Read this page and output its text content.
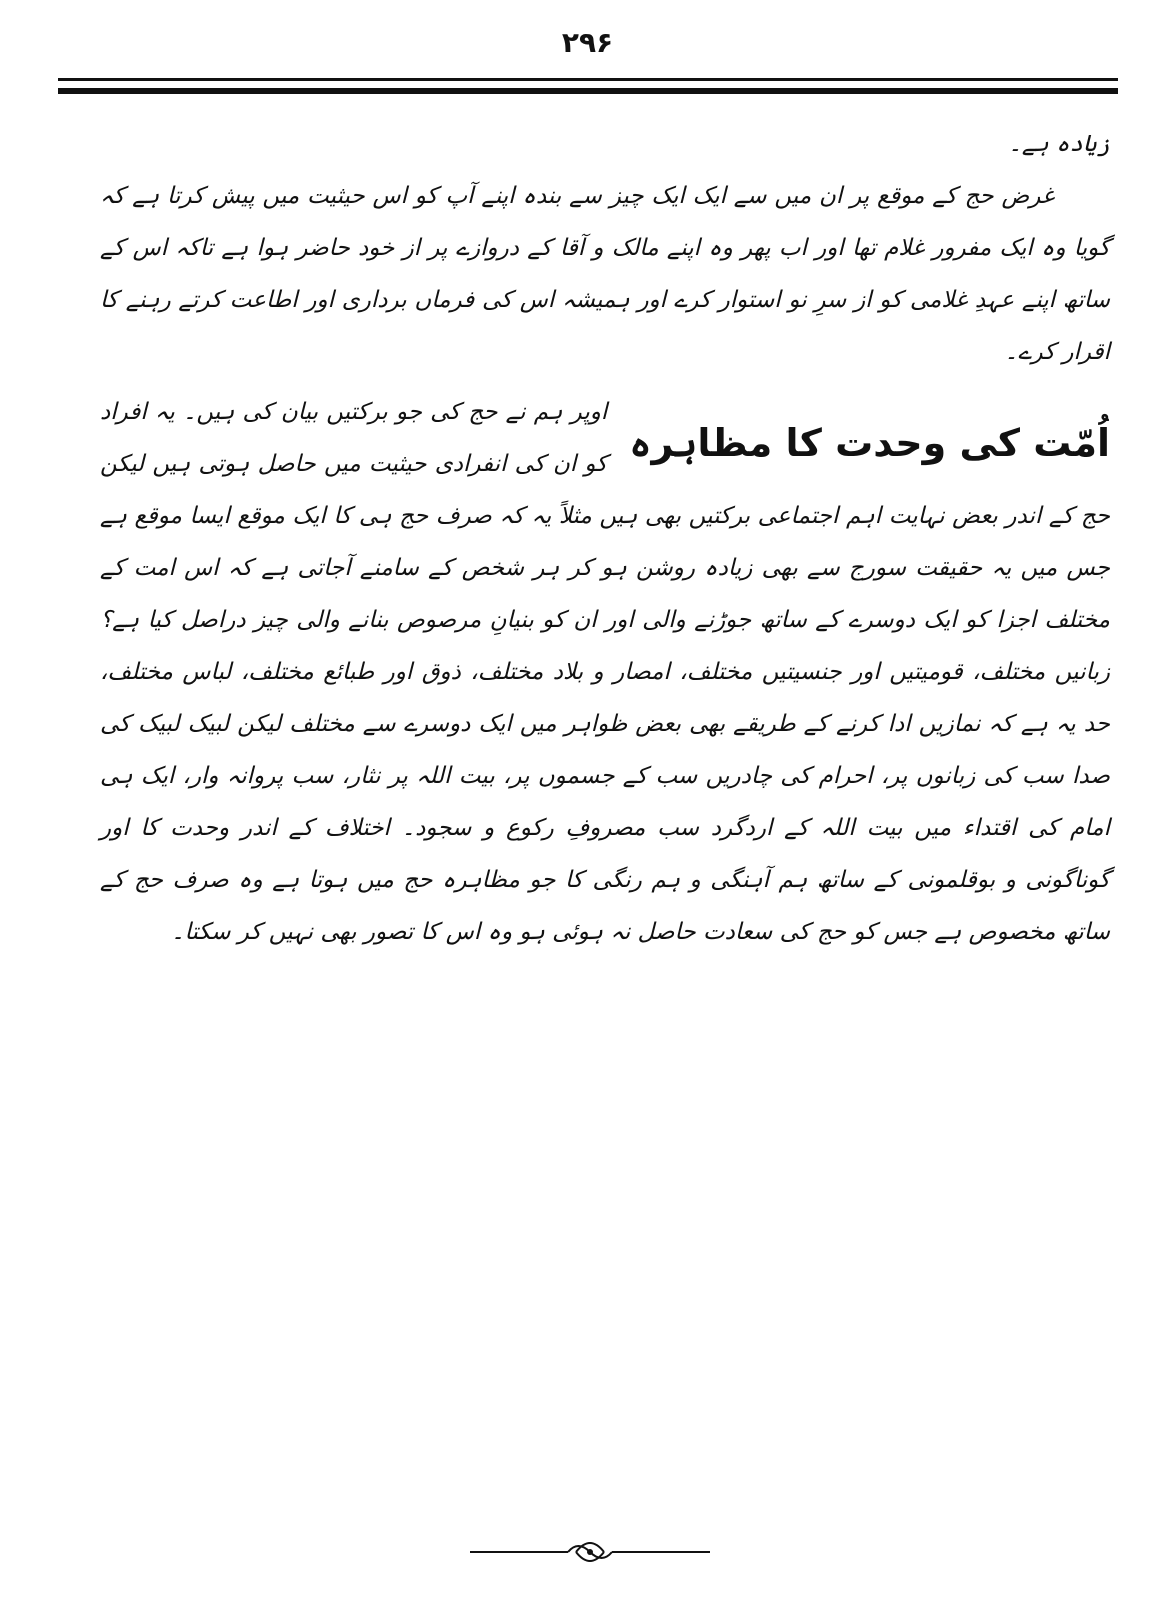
۲۹۶

زیادہ ہے۔

غرض حج کے موقع پر ان میں سے ایک ایک چیز سے بندہ اپنے آپ کو اس حیثیت میں پیش کرتا ہے کہ گویا وہ ایک مفرور غلام تھا اور اب پھر وہ اپنے مالک و آقا کے دروازے پر از خود حاضر ہوا ہے تاکہ اس کے ساتھ اپنے عہدِ غلامی کو از سرِ نو استوار کرے اور ہمیشہ اس کی فرماں برداری اور اطاعت کرتے رہنے کا اقرار کرے۔

اُمّت کی وحدت کا مظاہرہ

اوپر ہم نے حج کی جو برکتیں بیان کی ہیں۔ یہ افراد کو ان کی انفرادی حیثیت میں حاصل ہوتی ہیں لیکن حج کے اندر بعض نہایت اہم اجتماعی برکتیں بھی ہیں مثلاً یہ کہ صرف حج ہی کا ایک موقع ایسا موقع ہے جس میں یہ حقیقت سورج سے بھی زیادہ روشن ہو کر ہر شخص کے سامنے آجاتی ہے کہ اس امت کے مختلف اجزا کو ایک دوسرے کے ساتھ جوڑنے والی اور ان کو بنیانِ مرصوص بنانے والی چیز دراصل کیا ہے؟ زبانیں مختلف، قومیتیں اور جنسیتیں مختلف، امصار و بلاد مختلف، ذوق اور طبائع مختلف، لباس مختلف، حد یہ ہے کہ نمازیں ادا کرنے کے طریقے بھی بعض ظواہر میں ایک دوسرے سے مختلف لیکن لبیک لبیک کی صدا سب کی زبانوں پر، احرام کی چادریں سب کے جسموں پر، بیت اللہ پر نثار، سب پروانہ وار، ایک ہی امام کی اقتداء میں بیت اللہ کے اردگرد سب مصروفِ رکوع و سجود۔ اختلاف کے اندر وحدت کا اور گوناگونی و بوقلمونی کے ساتھ ہم آہنگی و ہم رنگی کا جو مظاہرہ حج میں ہوتا ہے وہ صرف حج کے ساتھ مخصوص ہے جس کو حج کی سعادت حاصل نہ ہوئی ہو وہ اس کا تصور بھی نہیں کر سکتا۔
